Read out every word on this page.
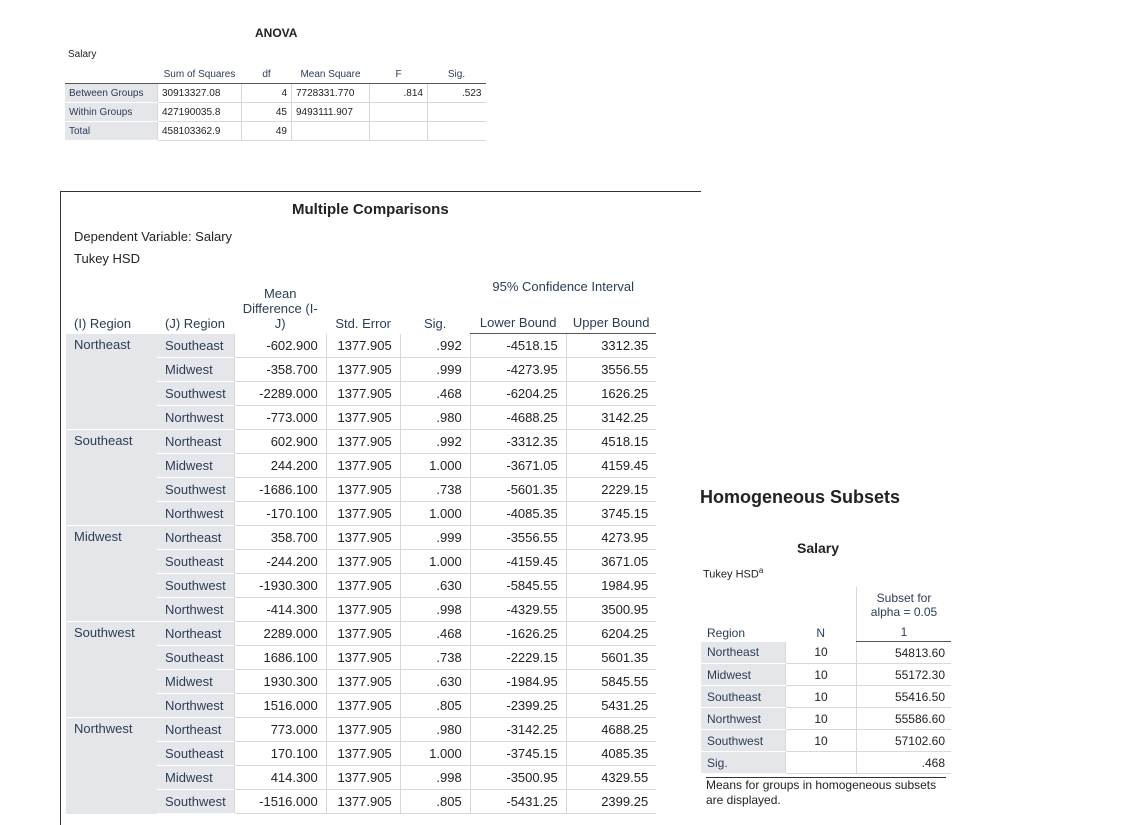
ANOVA
Salary
	Sum of Squares	df	Mean Square	F	Sig.
Between Groups	30913327.08	4	7728331.770	.814	.523
Within Groups	427190035.8	45	9493111.907		
Total	458103362.9	49			
Multiple Comparisons
Dependent Variable: Salary
Tukey HSD
(I) Region	(J) Region	Mean Difference (I-J)	Std. Error	Sig.	95% Confidence Interval	
					Lower Bound	Upper Bound
Northeast	Southeast	-602.900	1377.905	.992	-4518.15	3312.35
	Midwest	-358.700	1377.905	.999	-4273.95	3556.55
	Southwest	-2289.000	1377.905	.468	-6204.25	1626.25
	Northwest	-773.000	1377.905	.980	-4688.25	3142.25
Southeast	Northeast	602.900	1377.905	.992	-3312.35	4518.15
	Midwest	244.200	1377.905	1.000	-3671.05	4159.45
	Southwest	-1686.100	1377.905	.738	-5601.35	2229.15
	Northwest	-170.100	1377.905	1.000	-4085.35	3745.15
Midwest	Northeast	358.700	1377.905	.999	-3556.55	4273.95
	Southeast	-244.200	1377.905	1.000	-4159.45	3671.05
	Southwest	-1930.300	1377.905	.630	-5845.55	1984.95
	Northwest	-414.300	1377.905	.998	-4329.55	3500.95
Southwest	Northeast	2289.000	1377.905	.468	-1626.25	6204.25
	Southeast	1686.100	1377.905	.738	-2229.15	5601.35
	Midwest	1930.300	1377.905	.630	-1984.95	5845.55
	Northwest	1516.000	1377.905	.805	-2399.25	5431.25
Northwest	Northeast	773.000	1377.905	.980	-3142.25	4688.25
	Southeast	170.100	1377.905	1.000	-3745.15	4085.35
	Midwest	414.300	1377.905	.998	-3500.95	4329.55
	Southwest	-1516.000	1377.905	.805	-5431.25	2399.25
Homogeneous Subsets
Salary
Tukey HSD$^a$
Region	N	Subset for alpha = 0.05
		1
Northeast	10	54813.60
Midwest	10	55172.30
Southeast	10	55416.50
Northwest	10	55586.60
Southwest	10	57102.60
Sig.		.468
Means for groups in homogeneous subsets are displayed.
